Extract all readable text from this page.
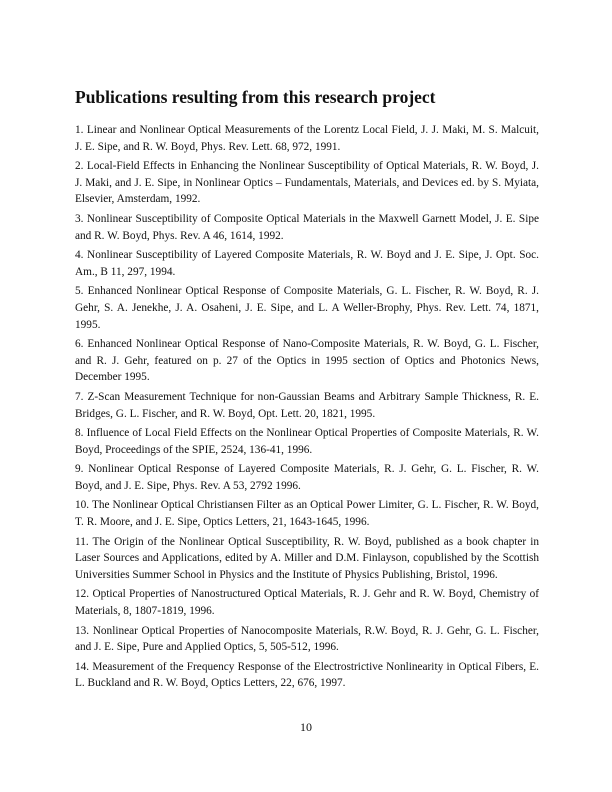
Publications resulting from this research project
1. Linear and Nonlinear Optical Measurements of the Lorentz Local Field, J. J. Maki, M. S. Malcuit, J. E. Sipe, and R. W. Boyd, Phys. Rev. Lett. 68, 972, 1991.
2. Local-Field Effects in Enhancing the Nonlinear Susceptibility of Optical Materials, R. W. Boyd, J. J. Maki, and J. E. Sipe, in Nonlinear Optics – Fundamentals, Materials, and Devices ed. by S. Myiata, Elsevier, Amsterdam, 1992.
3. Nonlinear Susceptibility of Composite Optical Materials in the Maxwell Garnett Model, J. E. Sipe and R. W. Boyd, Phys. Rev. A 46, 1614, 1992.
4. Nonlinear Susceptibility of Layered Composite Materials, R. W. Boyd and J. E. Sipe, J. Opt. Soc. Am., B 11, 297, 1994.
5. Enhanced Nonlinear Optical Response of Composite Materials, G. L. Fischer, R. W. Boyd, R. J. Gehr, S. A. Jenekhe, J. A. Osaheni, J. E. Sipe, and L. A Weller-Brophy, Phys. Rev. Lett. 74, 1871, 1995.
6. Enhanced Nonlinear Optical Response of Nano-Composite Materials, R. W. Boyd, G. L. Fischer, and R. J. Gehr, featured on p. 27 of the Optics in 1995 section of Optics and Photonics News, December 1995.
7. Z-Scan Measurement Technique for non-Gaussian Beams and Arbitrary Sample Thickness, R. E. Bridges, G. L. Fischer, and R. W. Boyd, Opt. Lett. 20, 1821, 1995.
8. Influence of Local Field Effects on the Nonlinear Optical Properties of Composite Materials, R. W. Boyd, Proceedings of the SPIE, 2524, 136-41, 1996.
9. Nonlinear Optical Response of Layered Composite Materials, R. J. Gehr, G. L. Fischer, R. W. Boyd, and J. E. Sipe, Phys. Rev. A 53, 2792 1996.
10. The Nonlinear Optical Christiansen Filter as an Optical Power Limiter, G. L. Fischer, R. W. Boyd, T. R. Moore, and J. E. Sipe, Optics Letters, 21, 1643-1645, 1996.
11. The Origin of the Nonlinear Optical Susceptibility, R. W. Boyd, published as a book chapter in Laser Sources and Applications, edited by A. Miller and D.M. Finlayson, copublished by the Scottish Universities Summer School in Physics and the Institute of Physics Publishing, Bristol, 1996.
12. Optical Properties of Nanostructured Optical Materials, R. J. Gehr and R. W. Boyd, Chemistry of Materials, 8, 1807-1819, 1996.
13. Nonlinear Optical Properties of Nanocomposite Materials, R.W. Boyd, R. J. Gehr, G. L. Fischer, and J. E. Sipe, Pure and Applied Optics, 5, 505-512, 1996.
14. Measurement of the Frequency Response of the Electrostrictive Nonlinearity in Optical Fibers, E. L. Buckland and R. W. Boyd, Optics Letters, 22, 676, 1997.
10
